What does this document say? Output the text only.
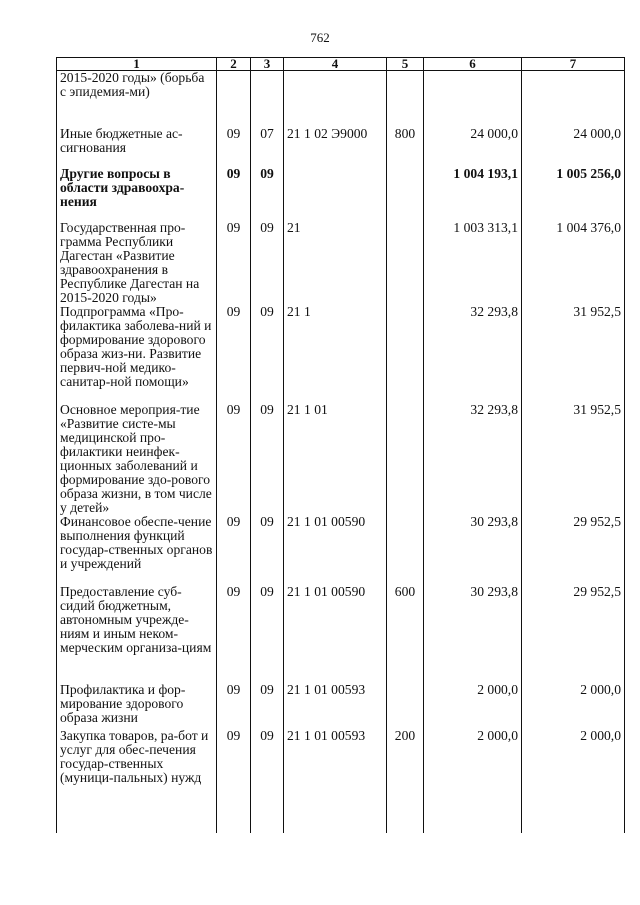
762
1	2	3	4	5	6	7
2015-2020 годы» (борьба с эпидемия-ми)						
Иные бюджетные ас-сигнования	09	07	21 1 02 Э9000	800	24 000,0	24 000,0
Другие вопросы в области здравоохра-нения	09	09			1 004 193,1	1 005 256,0
Государственная про-грамма Республики Дагестан «Развитие здравоохранения в Республике Дагестан на 2015-2020 годы»	09	09	21		1 003 313,1	1 004 376,0
Подпрограмма «Про-филактика заболева-ний и формирование здорового образа жиз-ни. Развитие первич-ной медико-санитар-ной помощи»	09	09	21 1		32 293,8	31 952,5
Основное мероприя-тие «Развитие систе-мы медицинской про-филактики неинфек-ционных заболеваний и формирование здо-рового образа жизни, в том числе у детей»	09	09	21 1 01		32 293,8	31 952,5
Финансовое обеспе-чение выполнения функций государ-ственных органов и учреждений	09	09	21 1 01 00590		30 293,8	29 952,5
Предоставление суб-сидий бюджетным, автономным учрежде-ниям и иным неком-мерческим организа-циям	09	09	21 1 01 00590	600	30 293,8	29 952,5
Профилактика и фор-мирование здорового образа жизни	09	09	21 1 01 00593		2 000,0	2 000,0
Закупка товаров, ра-бот и услуг для обес-печения государ-ственных (муници-пальных) нужд	09	09	21 1 01 00593	200	2 000,0	2 000,0
